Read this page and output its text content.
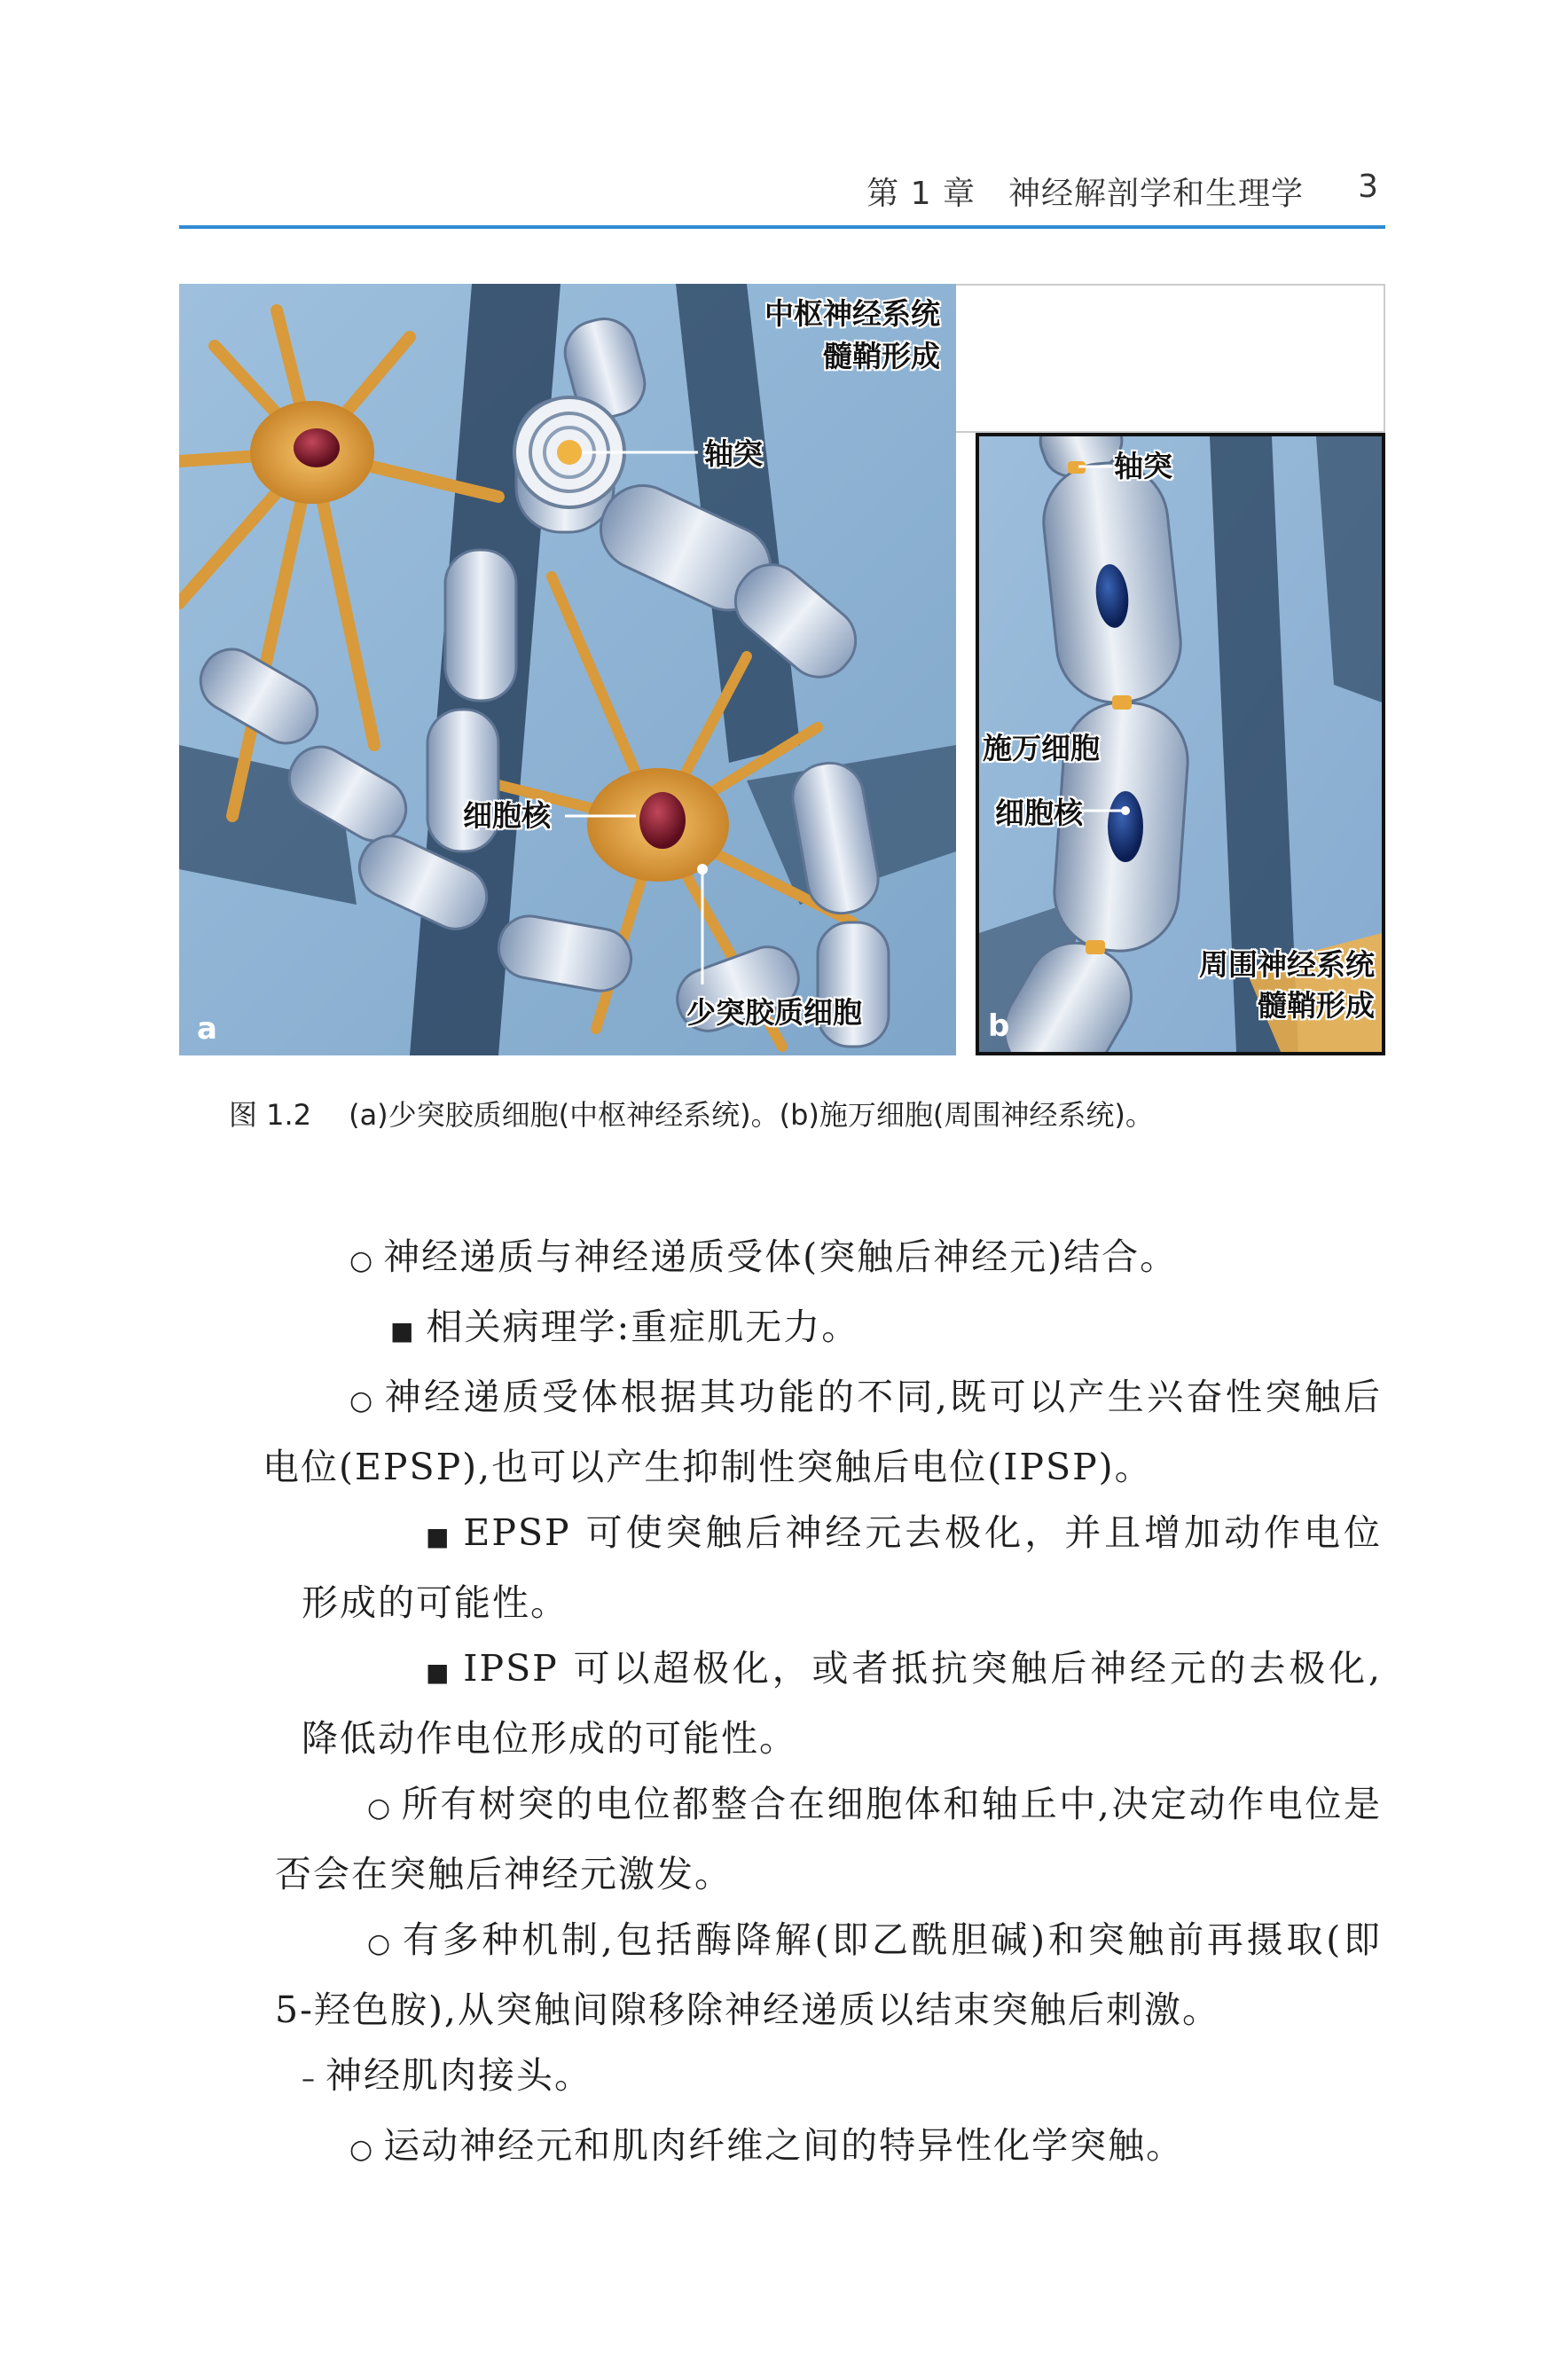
第 1 章　神经解剖学和生理学 3
中枢神经系统
髓鞘形成
轴突
细胞核
少突胶质细胞
a
轴突
施万细胞
细胞核
周围神经系统
髓鞘形成
b
图 1.2 (a)少突胶质细胞(中枢神经系统)。(b)施万细胞(周围神经系统)。
○ 神经递质与神经递质受体(突触后神经元)结合。
■ 相关病理学:重症肌无力。
○ 神经递质受体根据其功能的不同,既可以产生兴奋性突触后电位(EPSP),也可以产生抑制性突触后电位(IPSP)。
■ EPSP 可使突触后神经元去极化，并且增加动作电位形成的可能性。
■ IPSP 可以超极化，或者抵抗突触后神经元的去极化,降低动作电位形成的可能性。
○ 所有树突的电位都整合在细胞体和轴丘中,决定动作电位是否会在突触后神经元激发。
○ 有多种机制,包括酶降解(即乙酰胆碱)和突触前再摄取(即 5-羟色胺),从突触间隙移除神经递质以结束突触后刺激。
– 神经肌肉接头。
○ 运动神经元和肌肉纤维之间的特异性化学突触。
